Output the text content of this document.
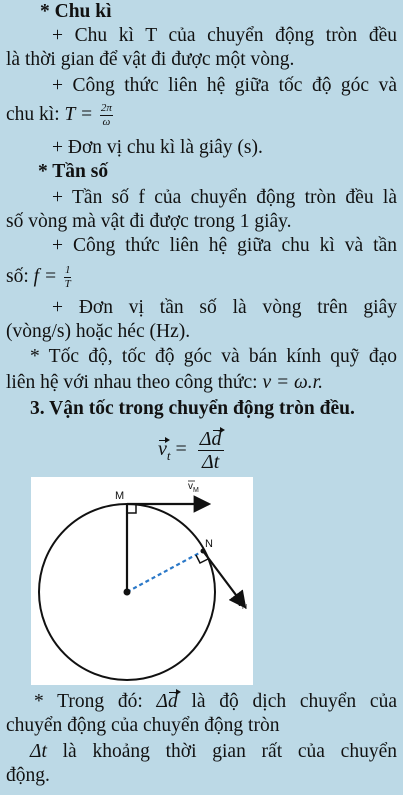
* Chu kì
+ Chu kì T của chuyển động tròn đều
là thời gian để vật đi được một vòng.
+ Công thức liên hệ giữa tốc độ góc và
chu kì: $T = \frac{2\pi}{\omega}$
+ Đơn vị chu kì là giây (s).
* Tần số
+ Tần số f của chuyển động tròn đều là
số vòng mà vật đi được trong 1 giây.
+ Công thức liên hệ giữa chu kì và tần
số: $f = \frac{1}{T}$
+ Đơn vị tần số là vòng trên giây
(vòng/s) hoặc héc (Hz).
* Tốc độ, tốc độ góc và bán kính quỹ đạo
liên hệ với nhau theo công thức: v = ω.r.
3. Vận tốc trong chuyển động tròn đều.
$v_t = \frac{\Delta d}{\Delta t}$
M
N
$v_M$
$v_N$
* Trong đó: Δd là độ dịch chuyển của
chuyển động của chuyển động tròn
Δt là khoảng thời gian rất của chuyển
động.
